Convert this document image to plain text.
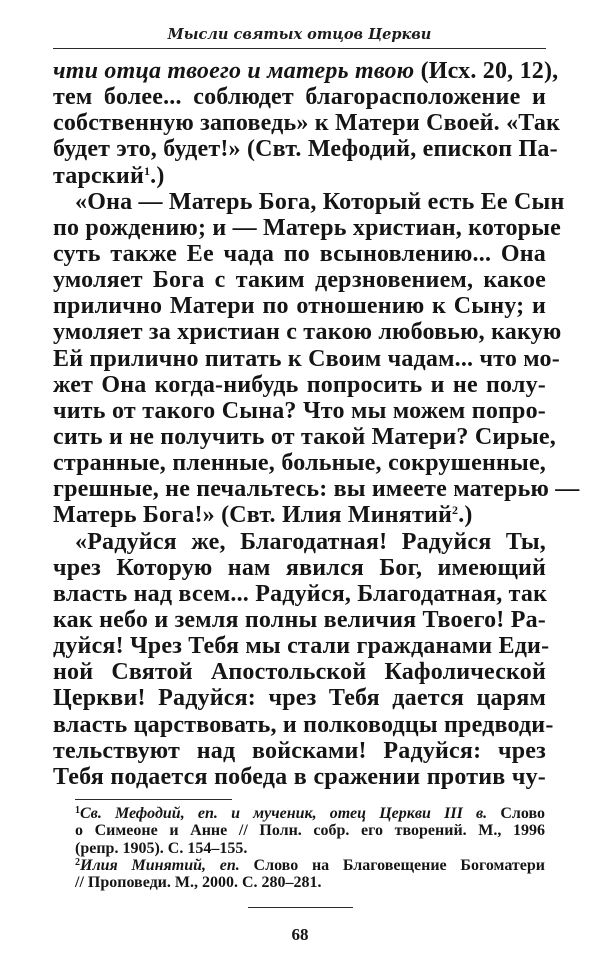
Мысли святых отцов Церкви
чти отца твоего и матерь твою (Исх. 20, 12),
тем более... соблюдет благорасположение и
собственную заповедь» к Матери Своей. «Так
будет это, будет!» (Свт. Мефодий, епископ Па-
тарский$^1$.)
«Она — Матерь Бога, Который есть Ее Сын
по рождению; и — Матерь христиан, которые
суть также Ее чада по всыновлению... Она
умоляет Бога с таким дерзновением, какое
прилично Матери по отношению к Сыну; и
умоляет за христиан с такою любовью, какую
Ей прилично питать к Своим чадам... что мо-
жет Она когда-нибудь попросить и не полу-
чить от такого Сына? Что мы можем попро-
сить и не получить от такой Матери? Сирые,
странные, пленные, больные, сокрушенные,
грешные, не печальтесь: вы имеете матерью —
Матерь Бога!» (Свт. Илия Минятий$^2$.)
«Радуйся же, Благодатная! Радуйся Ты,
чрез Которую нам явился Бог, имеющий
власть над всем... Радуйся, Благодатная, так
как небо и земля полны величия Твоего! Ра-
дуйся! Чрез Тебя мы стали гражданами Еди-
ной Святой Апостольской Кафолической
Церкви! Радуйся: чрез Тебя дается царям
власть царствовать, и полководцы предводи-
тельствуют над войсками! Радуйся: чрез
Тебя подается победа в сражении против чу-
$^1$Св. Мефодий, еп. и мученик, отец Церкви III в. Слово
о Симеоне и Анне // Полн. собр. его творений. М., 1996
(репр. 1905). С. 154–155.
$^2$Илия Минятий, еп. Слово на Благовещение Богоматери
// Проповеди. М., 2000. С. 280–281.
68
